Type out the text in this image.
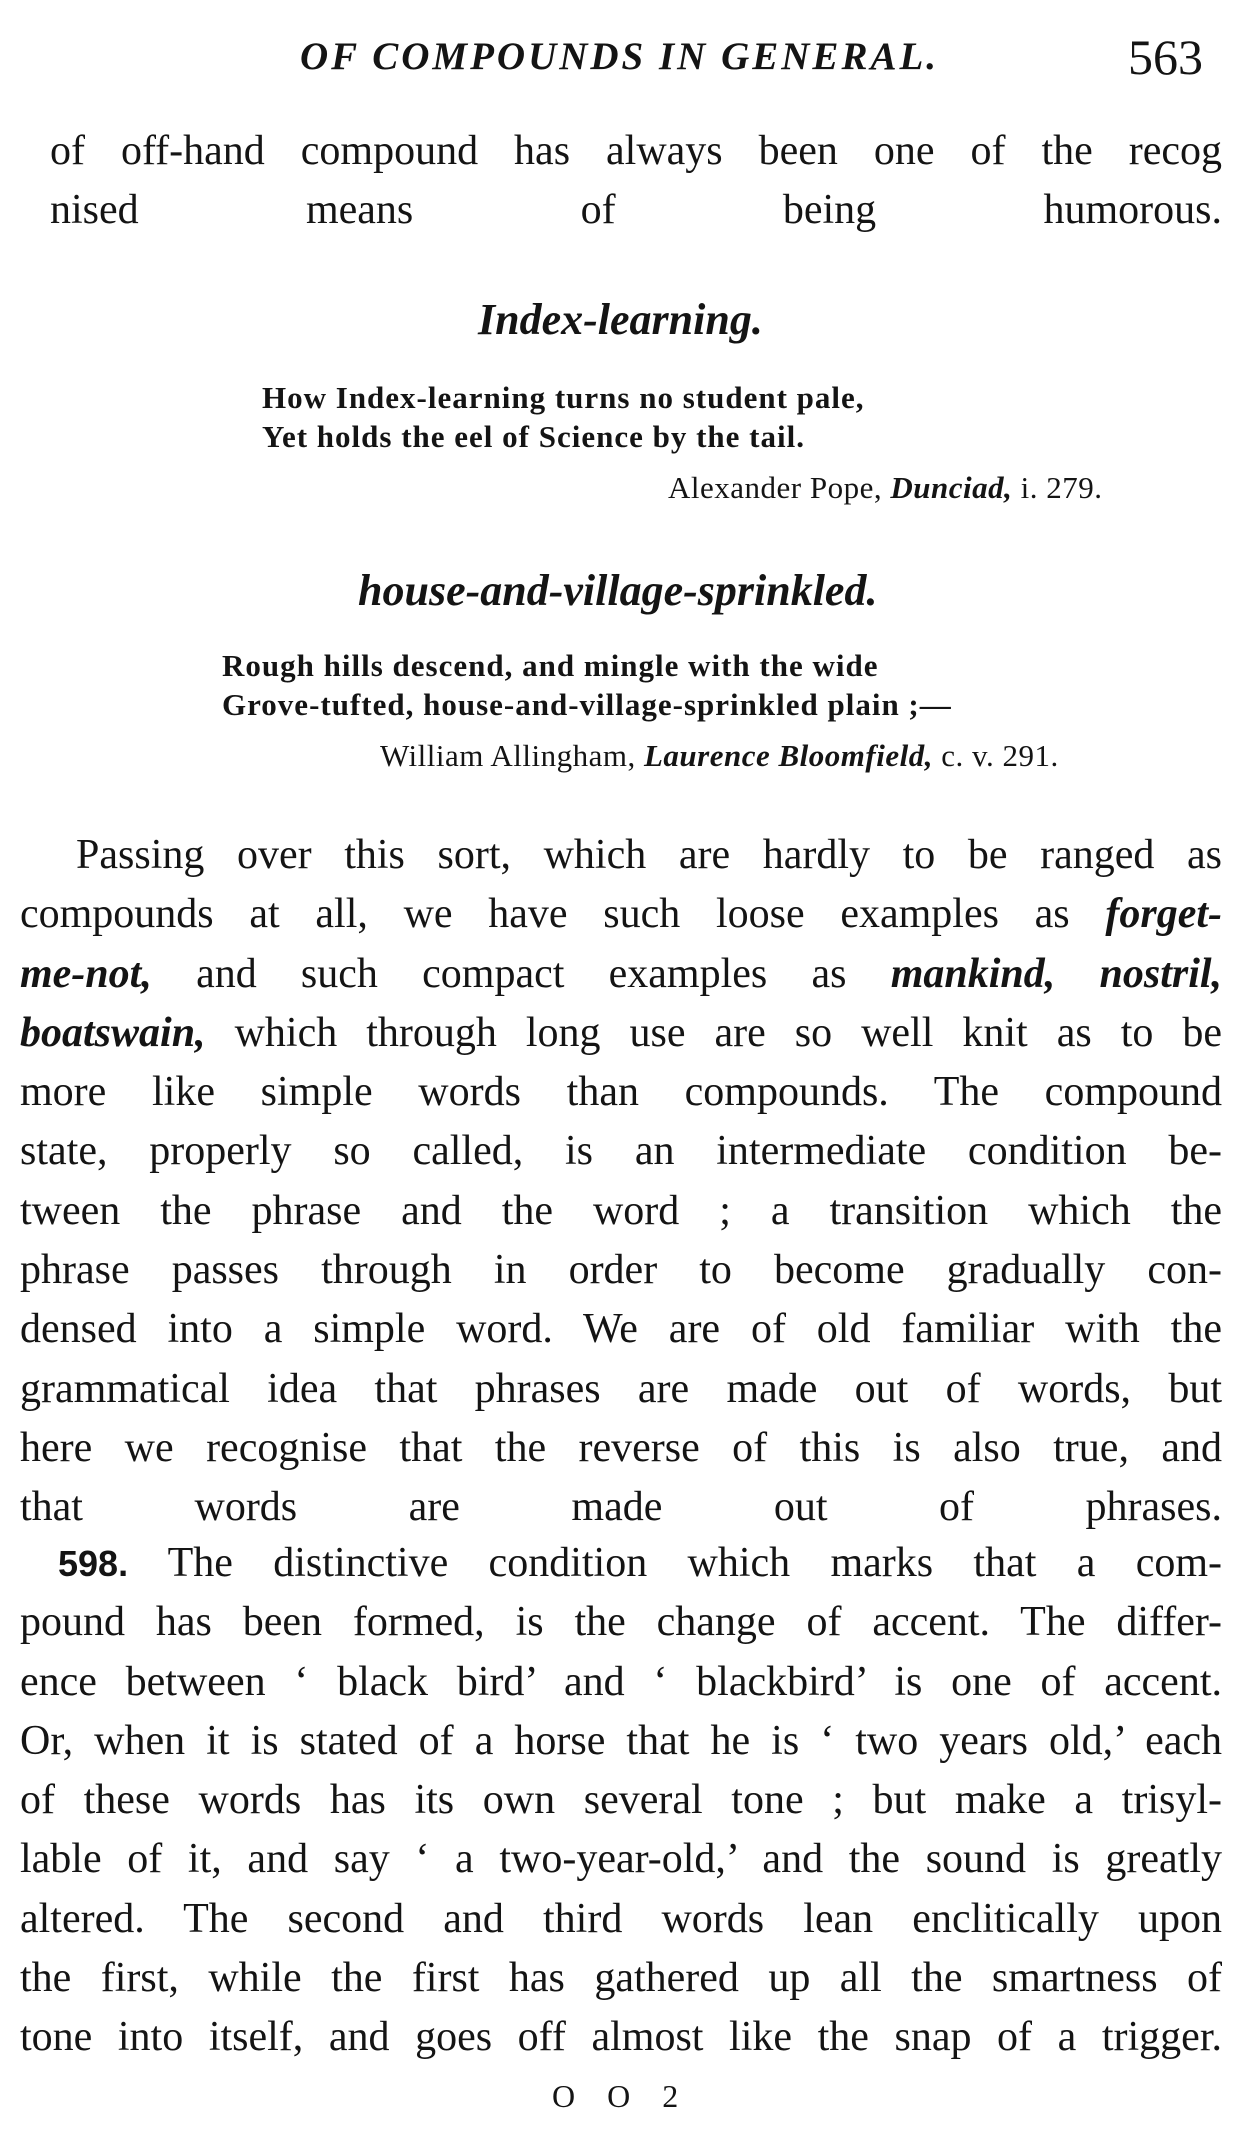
OF COMPOUNDS IN GENERAL.	563
of off-hand compound has always been one of the recog
nised means of being humorous.
Index-learning.
How Index-learning turns no student pale,
Yet holds the eel of Science by the tail.
Alexander Pope, Dunciad, i. 279.
house-and-village-sprinkled.
Rough hills descend, and mingle with the wide
Grove-tufted, house-and-village-sprinkled plain ;—
William Allingham, Laurence Bloomfield, c. v. 291.
Passing over this sort, which are hardly to be ranged as
compounds at all, we have such loose examples as forget-
me-not, and such compact examples as mankind, nostril,
boatswain, which through long use are so well knit as to be
more like simple words than compounds. The compound
state, properly so called, is an intermediate condition be-
tween the phrase and the word ; a transition which the
phrase passes through in order to become gradually con-
densed into a simple word. We are of old familiar with the
grammatical idea that phrases are made out of words, but
here we recognise that the reverse of this is also true, and
that words are made out of phrases.
598. The distinctive condition which marks that a com-
pound has been formed, is the change of accent. The differ-
ence between ‘ black bird’ and ‘ blackbird’ is one of accent.
Or, when it is stated of a horse that he is ‘ two years old,’ each
of these words has its own several tone ; but make a trisyl-
lable of it, and say ‘ a two-year-old,’ and the sound is greatly
altered. The second and third words lean enclitically upon
the first, while the first has gathered up all the smartness of
tone into itself, and goes off almost like the snap of a trigger.
O O 2
